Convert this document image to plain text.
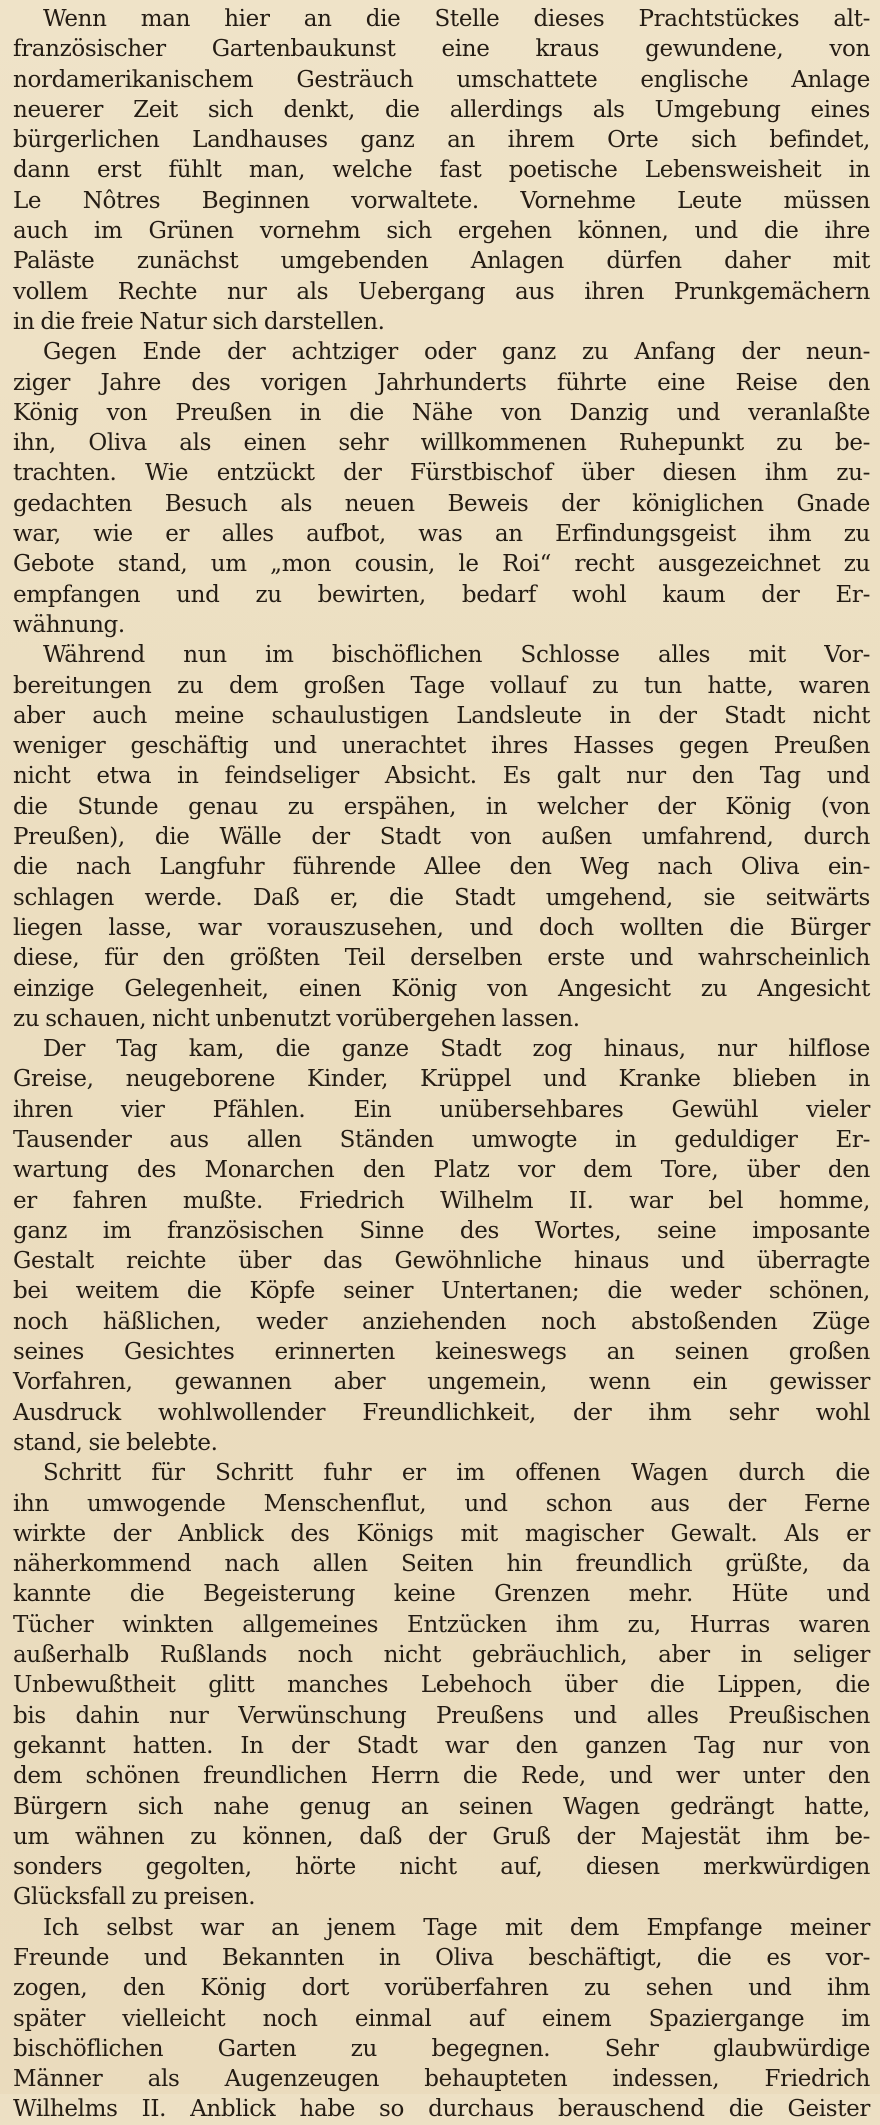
Wenn man hier an die Stelle dieses Prachtstückes alt-
französischer Gartenbaukunst eine kraus gewundene, von
nordamerikanischem Gesträuch umschattete englische Anlage
neuerer Zeit sich denkt, die allerdings als Umgebung eines
bürgerlichen Landhauses ganz an ihrem Orte sich befindet,
dann erst fühlt man, welche fast poetische Lebensweisheit in
Le Nôtres Beginnen vorwaltete. Vornehme Leute müssen
auch im Grünen vornehm sich ergehen können, und die ihre
Paläste zunächst umgebenden Anlagen dürfen daher mit
vollem Rechte nur als Uebergang aus ihren Prunkgemächern
in die freie Natur sich darstellen.
Gegen Ende der achtziger oder ganz zu Anfang der neun-
ziger Jahre des vorigen Jahrhunderts führte eine Reise den
König von Preußen in die Nähe von Danzig und veranlaßte
ihn, Oliva als einen sehr willkommenen Ruhepunkt zu be-
trachten. Wie entzückt der Fürstbischof über diesen ihm zu-
gedachten Besuch als neuen Beweis der königlichen Gnade
war, wie er alles aufbot, was an Erfindungsgeist ihm zu
Gebote stand, um „mon cousin, le Roi“ recht ausgezeichnet zu
empfangen und zu bewirten, bedarf wohl kaum der Er-
wähnung.
Während nun im bischöflichen Schlosse alles mit Vor-
bereitungen zu dem großen Tage vollauf zu tun hatte, waren
aber auch meine schaulustigen Landsleute in der Stadt nicht
weniger geschäftig und unerachtet ihres Hasses gegen Preußen
nicht etwa in feindseliger Absicht. Es galt nur den Tag und
die Stunde genau zu erspähen, in welcher der König (von
Preußen), die Wälle der Stadt von außen umfahrend, durch
die nach Langfuhr führende Allee den Weg nach Oliva ein-
schlagen werde. Daß er, die Stadt umgehend, sie seitwärts
liegen lasse, war vorauszusehen, und doch wollten die Bürger
diese, für den größten Teil derselben erste und wahrscheinlich
einzige Gelegenheit, einen König von Angesicht zu Angesicht
zu schauen, nicht unbenutzt vorübergehen lassen.
Der Tag kam, die ganze Stadt zog hinaus, nur hilflose
Greise, neugeborene Kinder, Krüppel und Kranke blieben in
ihren vier Pfählen. Ein unübersehbares Gewühl vieler
Tausender aus allen Ständen umwogte in geduldiger Er-
wartung des Monarchen den Platz vor dem Tore, über den
er fahren mußte. Friedrich Wilhelm II. war bel homme,
ganz im französischen Sinne des Wortes, seine imposante
Gestalt reichte über das Gewöhnliche hinaus und überragte
bei weitem die Köpfe seiner Untertanen; die weder schönen,
noch häßlichen, weder anziehenden noch abstoßenden Züge
seines Gesichtes erinnerten keineswegs an seinen großen
Vorfahren, gewannen aber ungemein, wenn ein gewisser
Ausdruck wohlwollender Freundlichkeit, der ihm sehr wohl
stand, sie belebte.
Schritt für Schritt fuhr er im offenen Wagen durch die
ihn umwogende Menschenflut, und schon aus der Ferne
wirkte der Anblick des Königs mit magischer Gewalt. Als er
näherkommend nach allen Seiten hin freundlich grüßte, da
kannte die Begeisterung keine Grenzen mehr. Hüte und
Tücher winkten allgemeines Entzücken ihm zu, Hurras waren
außerhalb Rußlands noch nicht gebräuchlich, aber in seliger
Unbewußtheit glitt manches Lebehoch über die Lippen, die
bis dahin nur Verwünschung Preußens und alles Preußischen
gekannt hatten. In der Stadt war den ganzen Tag nur von
dem schönen freundlichen Herrn die Rede, und wer unter den
Bürgern sich nahe genug an seinen Wagen gedrängt hatte,
um wähnen zu können, daß der Gruß der Majestät ihm be-
sonders gegolten, hörte nicht auf, diesen merkwürdigen
Glücksfall zu preisen.
Ich selbst war an jenem Tage mit dem Empfange meiner
Freunde und Bekannten in Oliva beschäftigt, die es vor-
zogen, den König dort vorüberfahren zu sehen und ihm
später vielleicht noch einmal auf einem Spaziergange im
bischöflichen Garten zu begegnen. Sehr glaubwürdige
Männer als Augenzeugen behaupteten indessen, Friedrich
Wilhelms II. Anblick habe so durchaus berauschend die Geister
